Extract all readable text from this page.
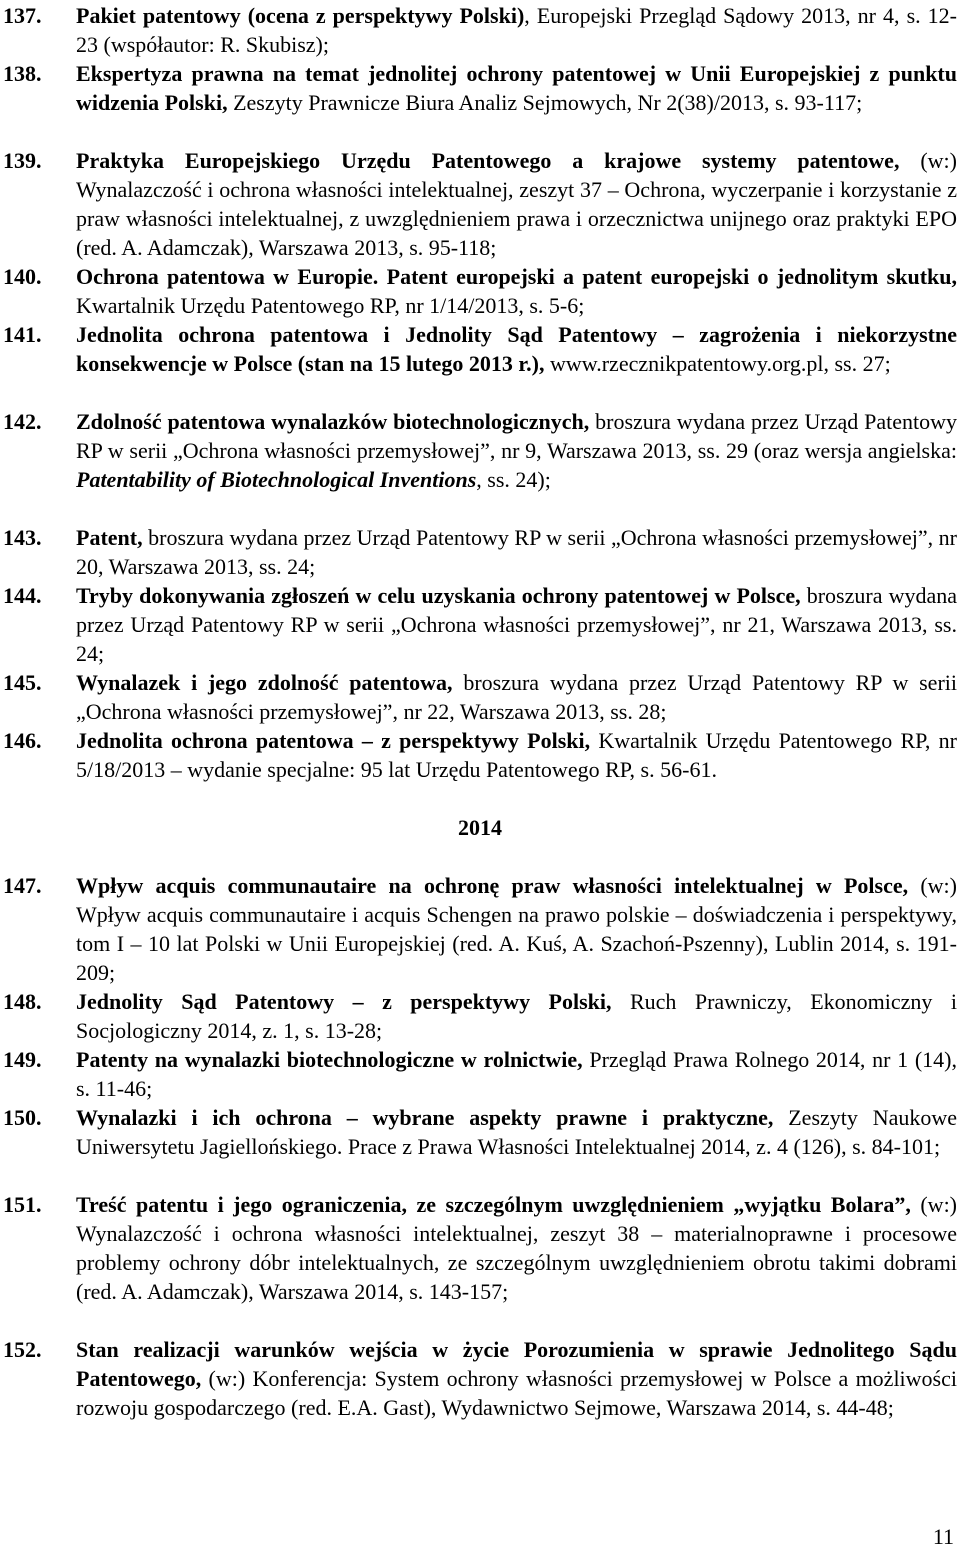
137. Pakiet patentowy (ocena z perspektywy Polski), Europejski Przegląd Sądowy 2013, nr 4, s. 12-23 (współautor: R. Skubisz);
138. Ekspertyza prawna na temat jednolitej ochrony patentowej w Unii Europejskiej z punktu widzenia Polski, Zeszyty Prawnicze Biura Analiz Sejmowych, Nr 2(38)/2013, s. 93-117;
139. Praktyka Europejskiego Urzędu Patentowego a krajowe systemy patentowe, (w:) Wynalazczość i ochrona własności intelektualnej, zeszyt 37 – Ochrona, wyczerpanie i korzystanie z praw własności intelektualnej, z uwzględnieniem prawa i orzecznictwa unijnego oraz praktyki EPO (red. A. Adamczak), Warszawa 2013, s. 95-118;
140. Ochrona patentowa w Europie. Patent europejski a patent europejski o jednolitym skutku, Kwartalnik Urzędu Patentowego RP, nr 1/14/2013, s. 5-6;
141. Jednolita ochrona patentowa i Jednolity Sąd Patentowy – zagrożenia i niekorzystne konsekwencje w Polsce (stan na 15 lutego 2013 r.), www.rzecznikpatentowy.org.pl, ss. 27;
142. Zdolność patentowa wynalazków biotechnologicznych, broszura wydana przez Urząd Patentowy RP w serii „Ochrona własności przemysłowej”, nr 9, Warszawa 2013, ss. 29 (oraz wersja angielska: Patentability of Biotechnological Inventions, ss. 24);
143. Patent, broszura wydana przez Urząd Patentowy RP w serii „Ochrona własności przemysłowej”, nr 20, Warszawa 2013, ss. 24;
144. Tryby dokonywania zgłoszeń w celu uzyskania ochrony patentowej w Polsce, broszura wydana przez Urząd Patentowy RP w serii „Ochrona własności przemysłowej”, nr 21, Warszawa 2013, ss. 24;
145. Wynalazek i jego zdolność patentowa, broszura wydana przez Urząd Patentowy RP w serii „Ochrona własności przemysłowej”, nr 22, Warszawa 2013, ss. 28;
146. Jednolita ochrona patentowa – z perspektywy Polski, Kwartalnik Urzędu Patentowego RP, nr 5/18/2013 – wydanie specjalne: 95 lat Urzędu Patentowego RP, s. 56-61.
147. Wpływ acquis communautaire na ochronę praw własności intelektualnej w Polsce, (w:) Wpływ acquis communautaire i acquis Schengen na prawo polskie – doświadczenia i perspektywy, tom I – 10 lat Polski w Unii Europejskiej (red. A. Kuś, A. Szachoń-Pszenny), Lublin 2014, s. 191-209;
148. Jednolity Sąd Patentowy – z perspektywy Polski, Ruch Prawniczy, Ekonomiczny i Socjologiczny 2014, z. 1, s. 13-28;
149. Patenty na wynalazki biotechnologiczne w rolnictwie, Przegląd Prawa Rolnego 2014, nr 1 (14), s. 11-46;
150. Wynalazki i ich ochrona – wybrane aspekty prawne i praktyczne, Zeszyty Naukowe Uniwersytetu Jagiellońskiego. Prace z Prawa Własności Intelektualnej 2014, z. 4 (126), s. 84-101;
151. Treść patentu i jego ograniczenia, ze szczególnym uwzględnieniem „wyjątku Bolara”, (w:) Wynalazczość i ochrona własności intelektualnej, zeszyt 38 – materialnoprawne i procesowe problemy ochrony dóbr intelektualnych, ze szczególnym uwzględnieniem obrotu takimi dobrami (red. A. Adamczak), Warszawa 2014, s. 143-157;
152. Stan realizacji warunków wejścia w życie Porozumienia w sprawie Jednolitego Sądu Patentowego, (w:) Konferencja: System ochrony własności przemysłowej w Polsce a możliwości rozwoju gospodarczego (red. E.A. Gast), Wydawnictwo Sejmowe, Warszawa 2014, s. 44-48;
2014
11
